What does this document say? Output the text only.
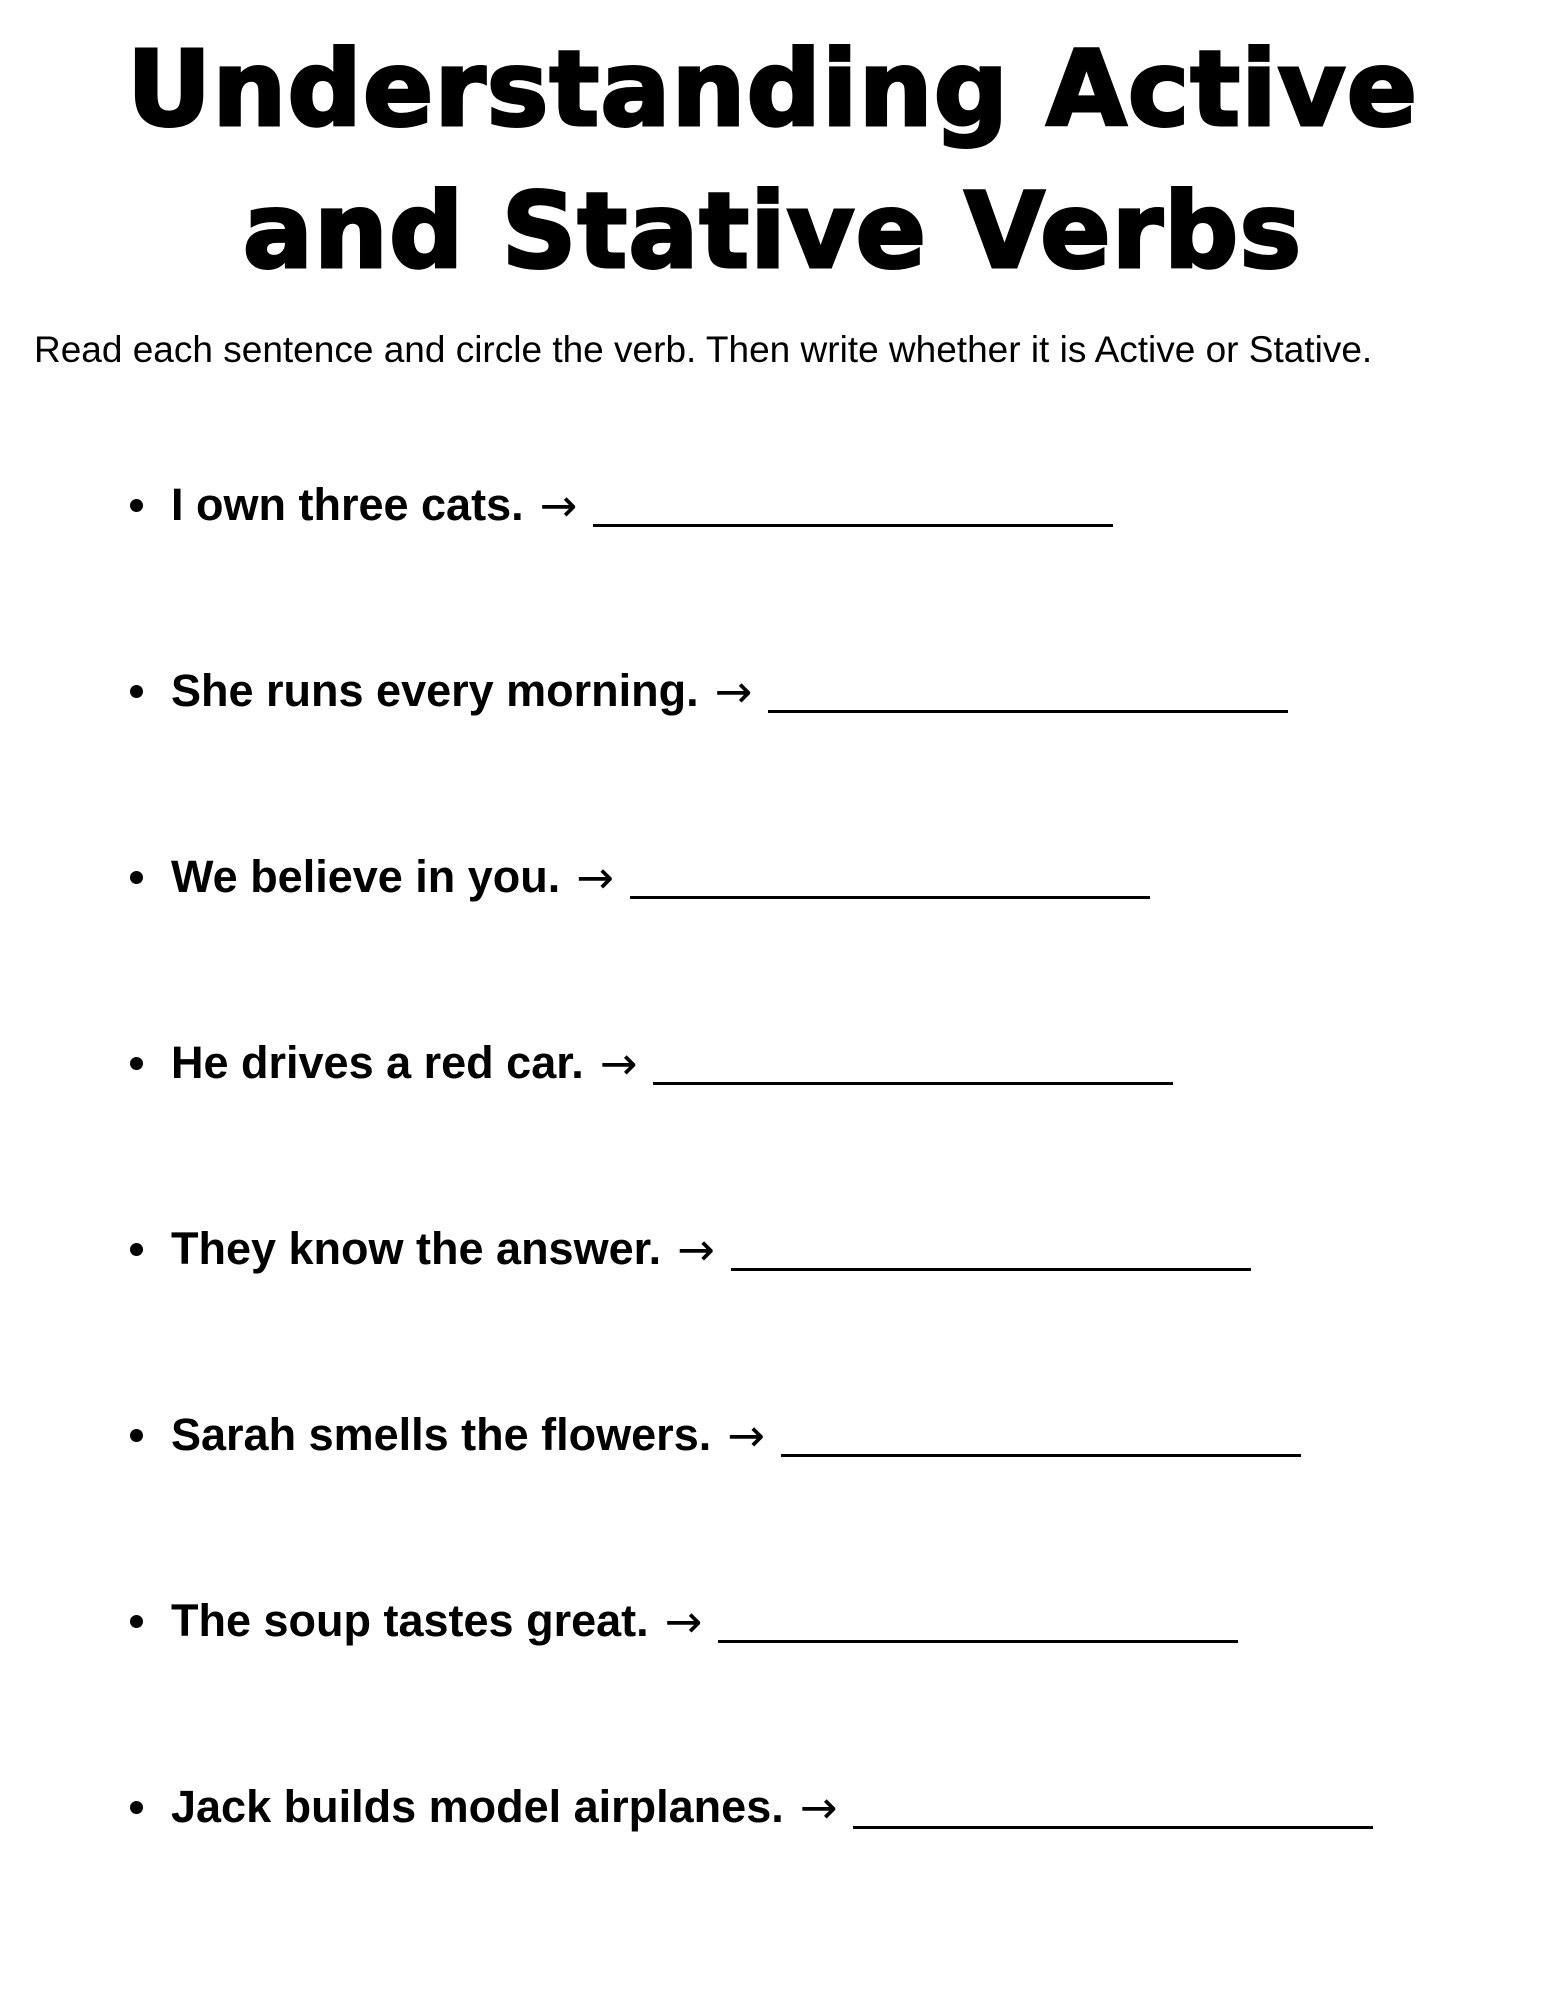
Understanding Active and Stative Verbs

Read each sentence and circle the verb. Then write whether it is Active or Stative.

I own three cats. →
She runs every morning. →
We believe in you. →
He drives a red car. →
They know the answer. →
Sarah smells the flowers. →
The soup tastes great. →
Jack builds model airplanes. →
